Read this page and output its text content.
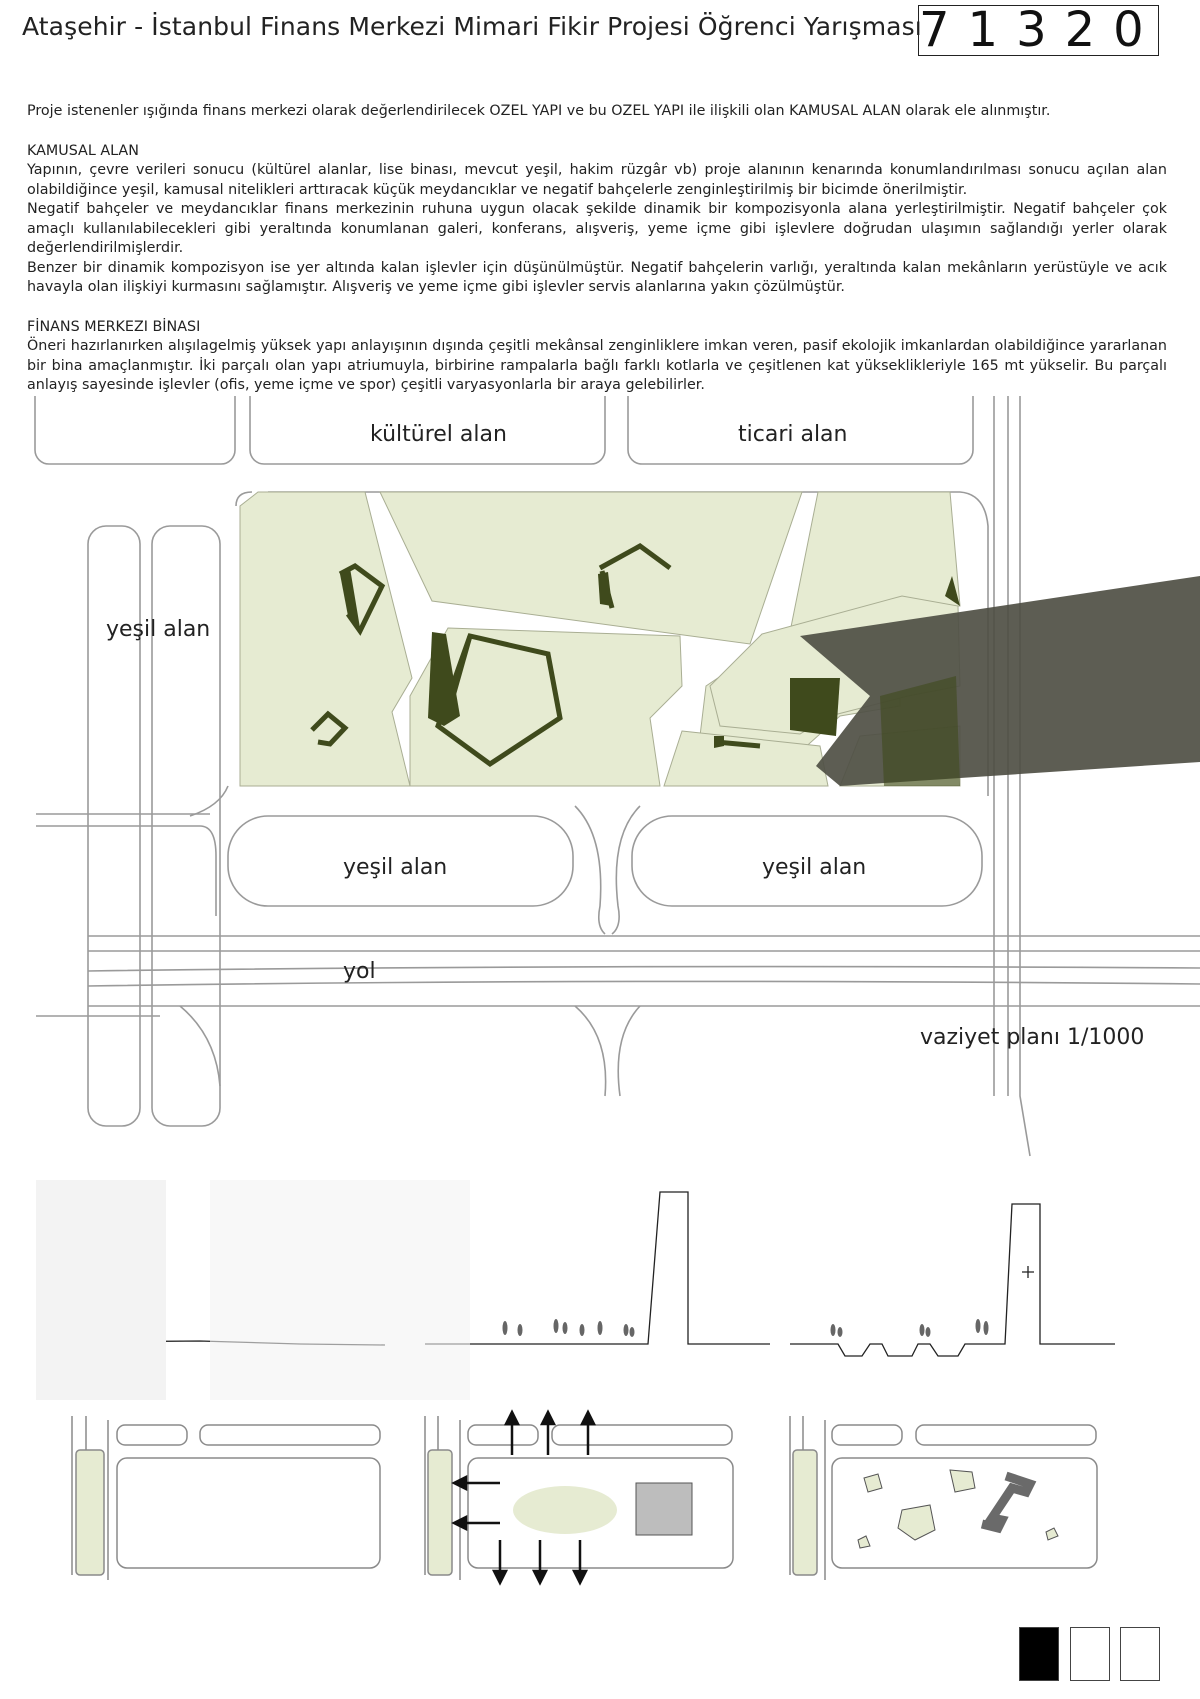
Ataşehir - İstanbul Finans Merkezi Mimari Fikir Projesi Öğrenci Yarışması
71320

Proje istenenler ışığında finans merkezi olarak değerlendirilecek OZEL YAPI ve bu OZEL YAPI ile ilişkili olan KAMUSAL ALAN olarak ele alınmıştır.

KAMUSAL ALAN

Yapının, çevre verileri sonucu (kültürel alanlar, lise binası, mevcut yeşil, hakim rüzgâr vb) proje alanının kenarında konumlandırılması sonucu açılan alan olabildiğince yeşil, kamusal nitelikleri arttıracak küçük meydancıklar ve negatif bahçelerle zenginleştirilmiş bir bicimde önerilmiştir.

Negatif bahçeler ve meydancıklar finans merkezinin ruhuna uygun olacak şekilde dinamik bir kompozisyonla alana yerleştirilmiştir. Negatif bahçeler çok amaçlı kullanılabilecekleri gibi yeraltında konumlanan galeri, konferans, alışveriş, yeme içme gibi işlevlere doğrudan ulaşımın sağlandığı yerler olarak değerlendirilmişlerdir.

Benzer bir dinamik kompozisyon ise yer altında kalan işlevler için düşünülmüştür. Negatif bahçelerin varlığı, yeraltında kalan mekânların yerüstüyle ve acık havayla olan ilişkiyi kurmasını sağlamıştır. Alışveriş ve yeme içme gibi işlevler servis alanlarına yakın çözülmüştür.

FİNANS MERKEZI BİNASI

Öneri hazırlanırken alışılagelmiş yüksek yapı anlayışının dışında çeşitli mekânsal zenginliklere imkan veren, pasif ekolojik imkanlardan olabildiğince yararlanan bir bina amaçlanmıştır. İki parçalı olan yapı atriumuyla, birbirine rampalarla bağlı farklı kotlarla ve çeşitlenen kat yükseklikleriyle 165 mt yükselir. Bu parçalı anlayış sayesinde işlevler (ofis, yeme içme ve spor) çeşitli varyasyonlarla bir araya gelebilirler.

kültürel alan	ticari alan
yeşil alan
yeşil alan	yeşil alan
yol
vaziyet planı 1/1000
